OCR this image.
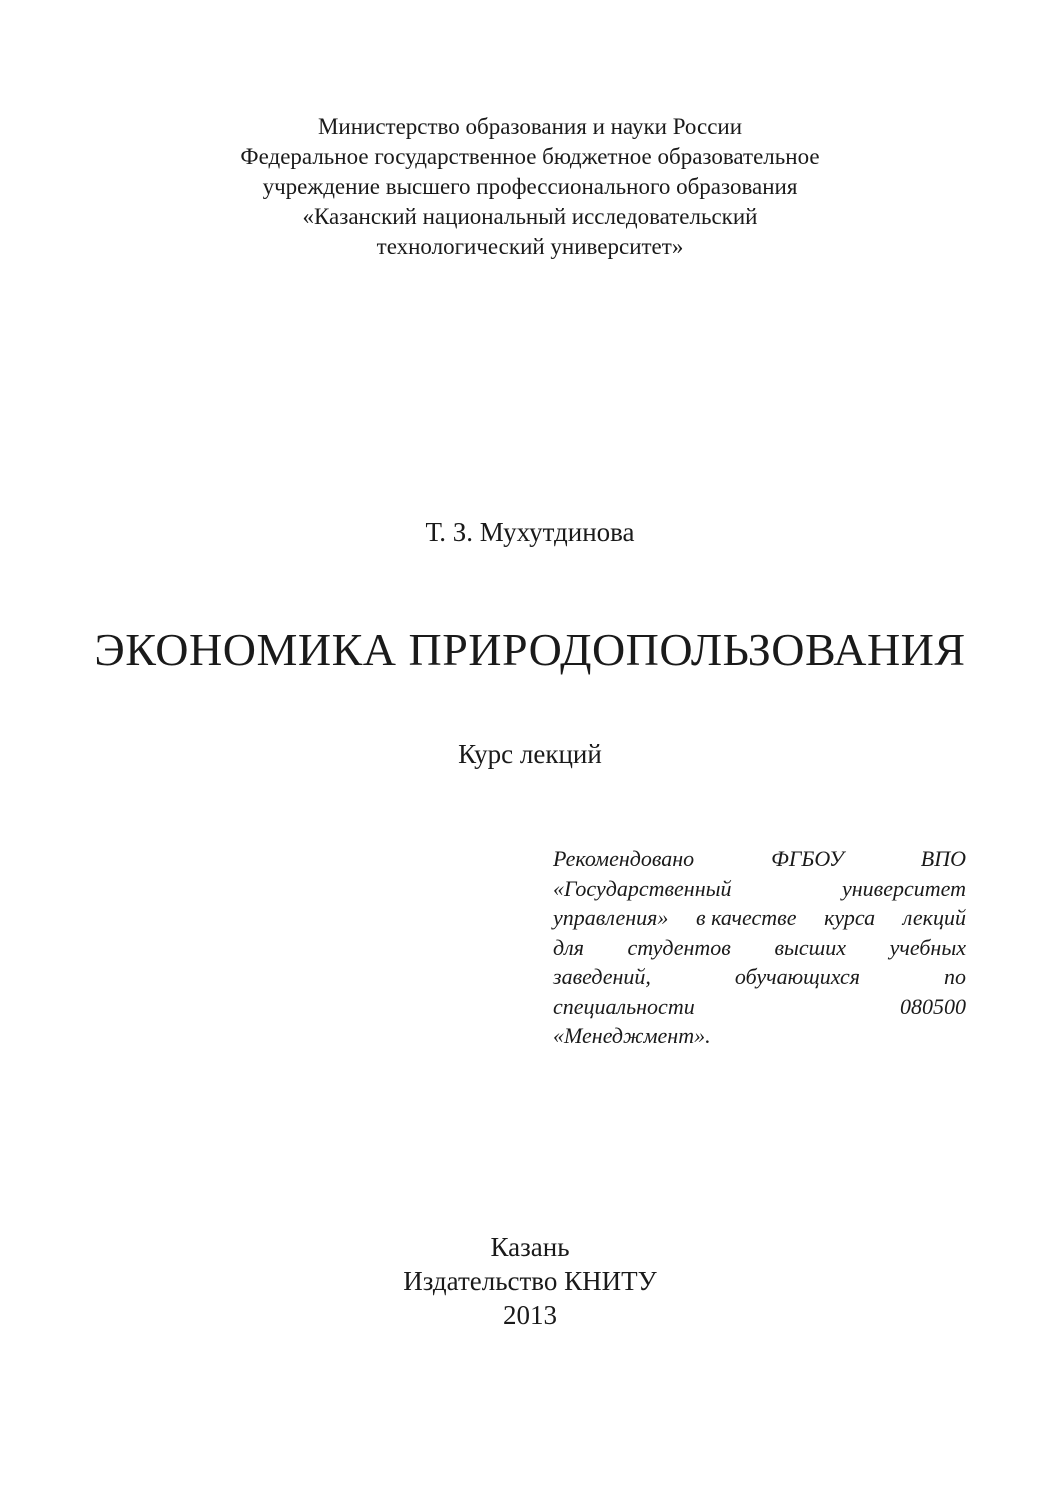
Министерство образования и науки России
Федеральное государственное бюджетное образовательное
учреждение высшего профессионального образования
«Казанский национальный исследовательский
технологический университет»
Т. З. Мухутдинова
ЭКОНОМИКА ПРИРОДОПОЛЬЗОВАНИЯ
Курс лекций
Рекомендовано	ФГБОУ	ВПО
«Государственный	университет
управления» в качестве курса лекций
для студентов высших учебных
заведений,	обучающихся	по
специальности	080500
«Менеджмент».
Казань
Издательство КНИТУ
2013
